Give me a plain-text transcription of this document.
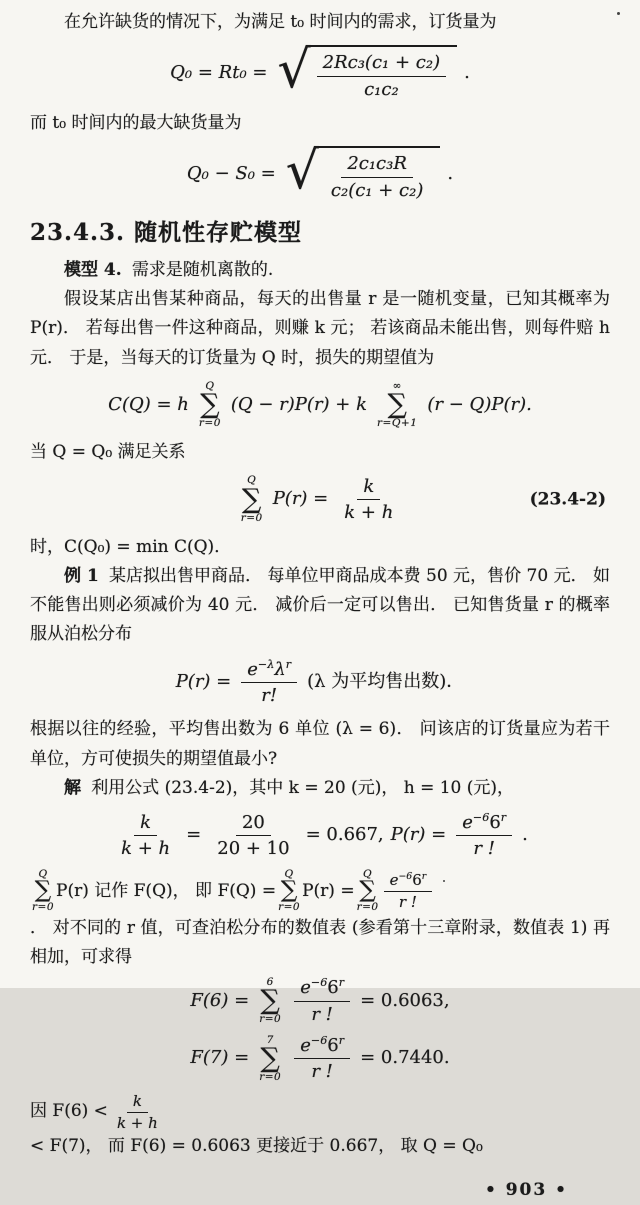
在允许缺货的情况下，为满足 t₀ 时间内的需求，订货量为

Q₀ = Rt₀ = √ $\frac{\text{2Rc₃(c₁ + c₂)}}{\text{c₁c₂}}$ .

而 t₀ 时间内的最大缺货量为

Q₀ − S₀ = √ $\frac{\text{2c₁c₃R}}{\text{c₂(c₁ + c₂)}}$ .
23.4.3. 随机性存贮模型

模型 4. 需求是随机离散的.

假设某店出售某种商品，每天的出售量 r 是一随机变量，已知其概率为 P(r)． 若每出售一件这种商品，则赚 k 元； 若该商品未能出售，则每件赔 h 元． 于是，当每天的订货量为 Q 时，损失的期望值为

C(Q) = h
Q
∑
r=0
(Q − r)P(r) + k
∞
∑
r=Q+1
(r − Q)P(r).

当 Q = Q₀ 满足关系

Q
∑
r=0
$P(r) = \frac{k}{k + h}$	(23.4-2)

时，C(Q₀) = min C(Q)．

例 1 某店拟出售甲商品． 每单位甲商品成本费 50 元，售价 70 元． 如不能售出则必须减价为 40 元． 减价后一定可以售出． 已知售货量 r 的概率服从泊松分布

$P(r) = \frac{e^{-\lambda}\lambda^r}{r!} (\lambda$ 为平均售出数)．

根据以往的经验，平均售出数为 6 单位 (λ = 6)． 问该店的订货量应为若干单位，方可使损失的期望值最小?

解 利用公式 (23.4-2)，其中 k = 20 (元)， h = 10 (元)，

$\frac{k}{k + h} = \frac{20}{20 + 10} = 0.667$, $P(r) = \frac{e^{-6}6^r}{r !}$ .

Q
∑
r=0
P(r) 记作 F(Q)， 即 F(Q) =
Q
∑
r=0
P(r) =
Q
∑
$r=0 \frac{e^{-6}6^r}{r !}$
． 对不同的 r 值，可查泊松分布的数值表 (参看第十三章附录，数值表 1) 再相加，可求得

F(6) =
6
∑
$r=0 \frac{e^{-6}6^r}{r !} = 0.6063$,
F(7) =
7
∑
$r=0 \frac{e^{-6}6^r}{r !} = 0.7440$.

因 $F(6) < \frac{k}{k + h}$
< F(7)， 而 F(6) = 0.6063 更接近于 0.667， 取 Q = Q₀

• 903 •
